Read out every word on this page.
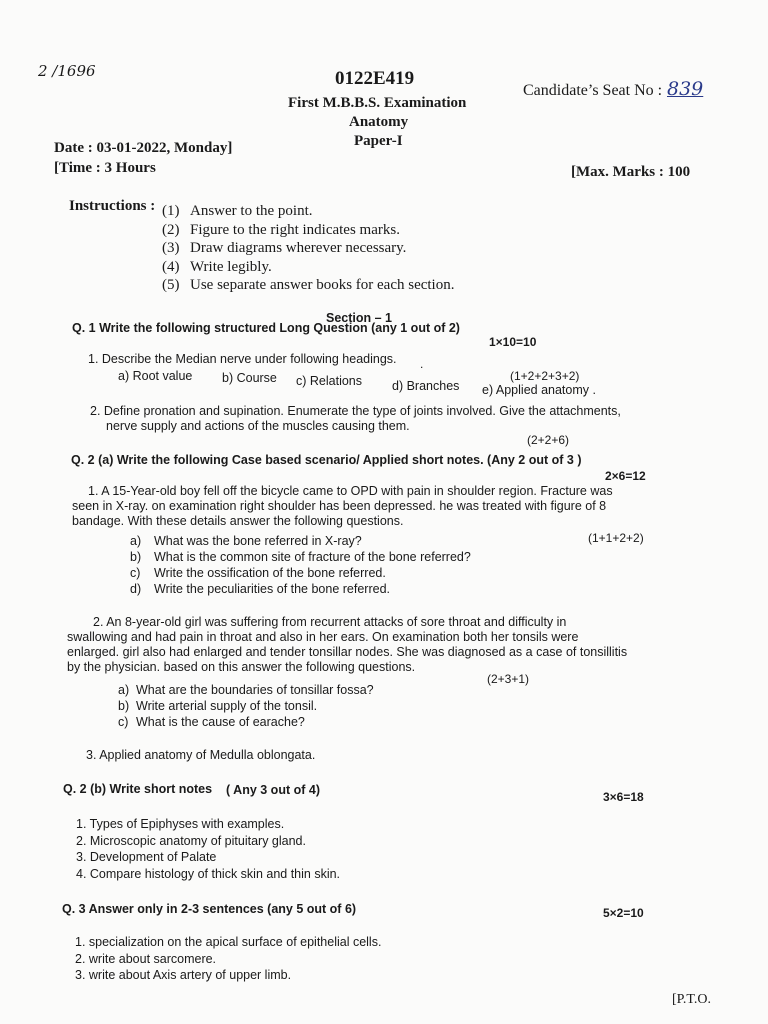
2 /1696	0122E419
First M.B.B.S. Examination
Anatomy
Paper-I
Candidate’s Seat No : 839
Date : 03-01-2022, Monday]
[Time : 3 Hours	[Max. Marks : 100
Instructions : (1) Answer to the point.
(2) Figure to the right indicates marks.
(3) Draw diagrams wherever necessary.
(4) Write legibly.
(5) Use separate answer books for each section.
Section – 1
Q. 1 Write the following structured Long Question (any 1 out of 2)
1×10=10
1. Describe the Median nerve under following headings. .
(1+2+2+3+2)
a) Root value b) Course c) Relations d) Branches e) Applied anatomy .
2. Define pronation and supination. Enumerate the type of joints involved. Give the attachments,
nerve supply and actions of the muscles causing them.
(2+2+6)
Q. 2 (a) Write the following Case based scenario/ Applied short notes. (Any 2 out of 3 )
2×6=12
1. A 15-Year-old boy fell off the bicycle came to OPD with pain in shoulder region. Fracture was
seen in X-ray. on examination right shoulder has been depressed. he was treated with figure of 8
bandage. With these details answer the following questions.
(1+1+2+2)
a) What was the bone referred in X-ray?
b) What is the common site of fracture of the bone referred?
c) Write the ossification of the bone referred.
d) Write the peculiarities of the bone referred.
2. An 8-year-old girl was suffering from recurrent attacks of sore throat and difficulty in
swallowing and had pain in throat and also in her ears. On examination both her tonsils were
enlarged. girl also had enlarged and tender tonsillar nodes. She was diagnosed as a case of tonsillitis
by the physician. based on this answer the following questions.
(2+3+1)
a) What are the boundaries of tonsillar fossa?
b) Write arterial supply of the tonsil.
c) What is the cause of earache?
3. Applied anatomy of Medulla oblongata.
Q. 2 (b) Write short notes ( Any 3 out of 4)	3×6=18
1. Types of Epiphyses with examples.
2. Microscopic anatomy of pituitary gland.
3. Development of Palate
4. Compare histology of thick skin and thin skin.
Q. 3 Answer only in 2-3 sentences (any 5 out of 6)	5×2=10
1. specialization on the apical surface of epithelial cells.
2. write about sarcomere.
3. write about Axis artery of upper limb.
[P.T.O.
